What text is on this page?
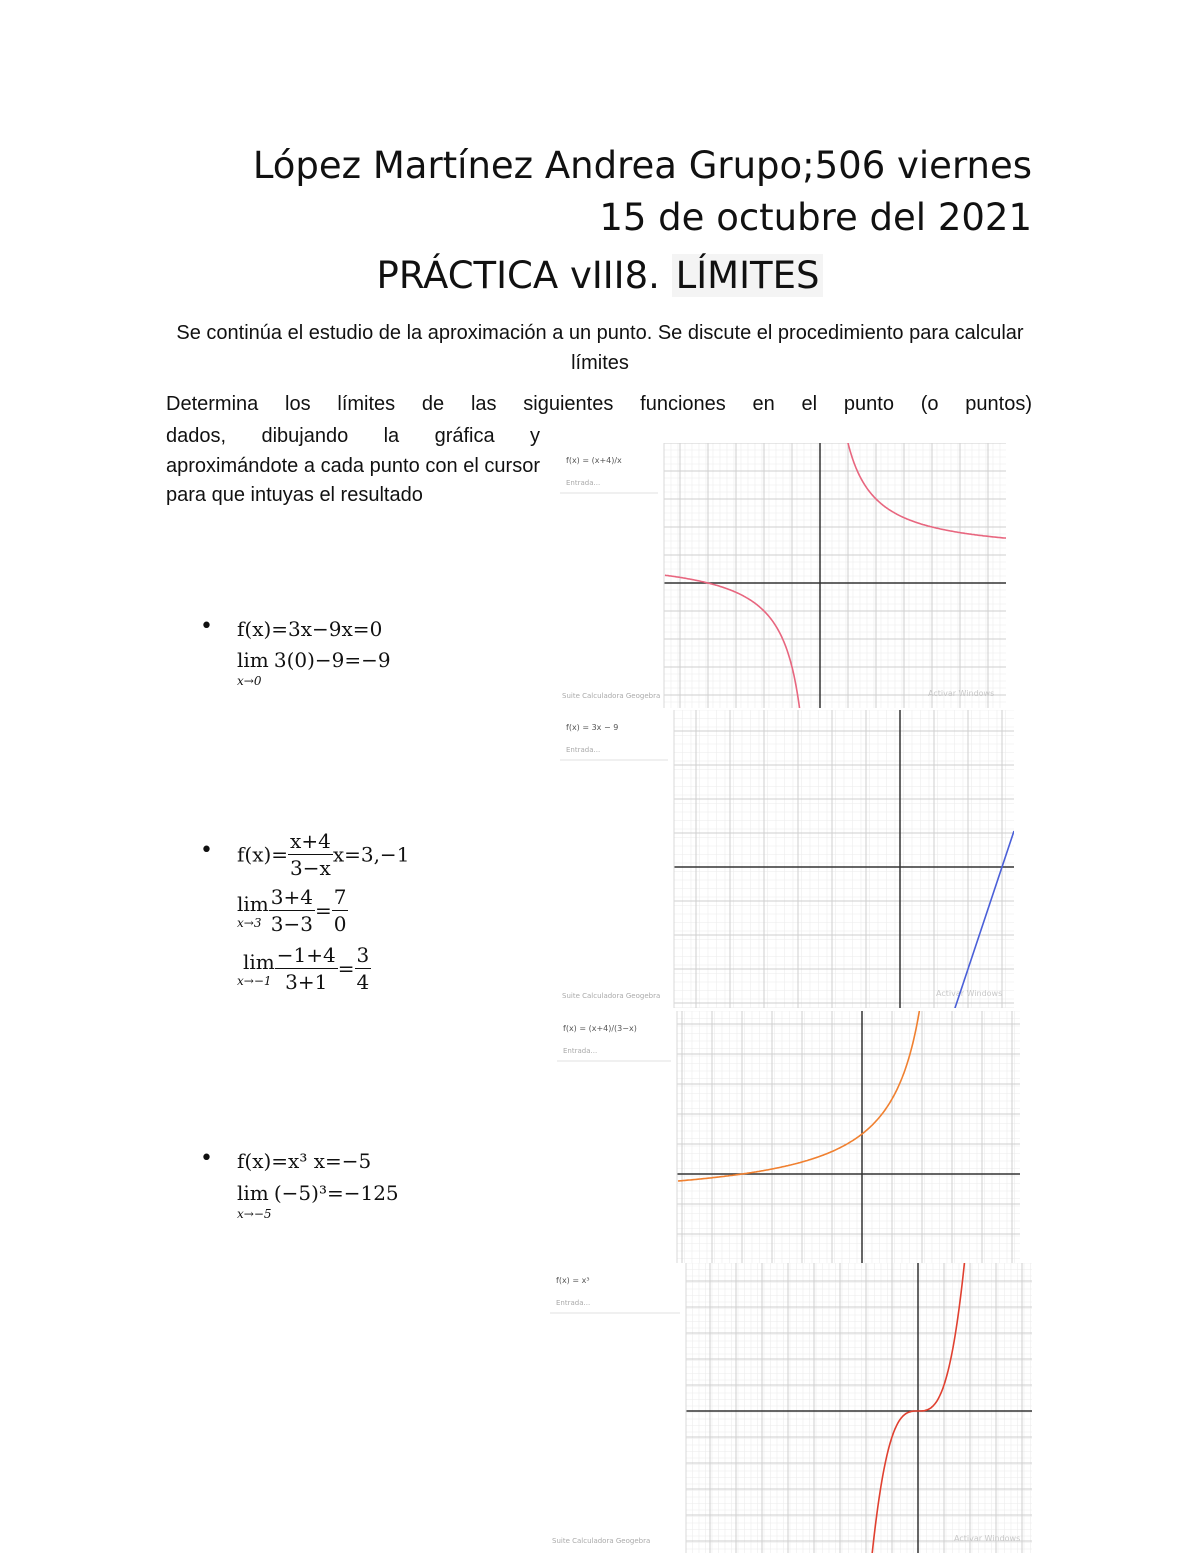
López Martínez Andrea Grupo;506 viernes
15 de octubre del 2021
PRÁCTICA vIII8. LÍMITES
Se continúa el estudio de la aproximación a un punto. Se discute el procedimiento para calcular límites
Determina los límites de las siguientes funciones en el punto (o puntos)
dados, dibujando la gráfica y aproximándote a cada punto con el cursor para que intuyas el resultado
• f(x)=3x−9x=0
lim 3(0)−9=−9
x→0
• $f(x)= \frac{x+4}{3-x} x=3,-1$
lim
$x\to 3 \frac{3+4}{3-3} = \frac{7}{0}$
lim
$x\to-1 \frac{-1+4}{3+1} = \frac{3}{4}$
• f(x)=x³ x=−5
lim (−5)³=−125
x→−5
f(x) = (x+4)/x
Entrada...
Suite Calculadora Geogebra	Activar Windows
f(x) = 3x − 9
Entrada...
Suite Calculadora Geogebra	Activar Windows
f(x) = (x+4)/(3−x)
Entrada...
f(x) = x³
Entrada...
Suite Calculadora Geogebra	Activar Windows
